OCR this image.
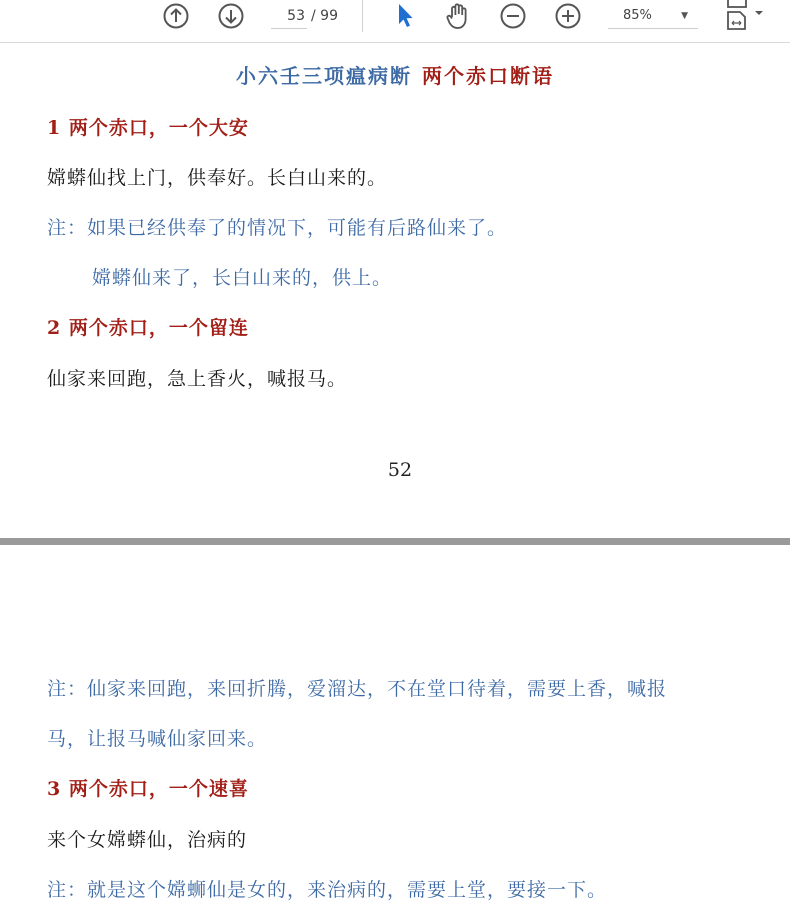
53 / 99	85%	▼
小六壬三项瘟病断 两个赤口断语
1 两个赤口，一个大安
嫦蟒仙找上门，供奉好。长白山来的。
注：如果已经供奉了的情况下，可能有后路仙来了。
嫦蟒仙来了，长白山来的，供上。
2 两个赤口，一个留连
仙家来回跑，急上香火，喊报马。
52
注：仙家来回跑，来回折腾，爱溜达，不在堂口待着，需要上香，喊报
马，让报马喊仙家回来。
3 两个赤口，一个速喜
来个女嫦蟒仙，治病的
注：就是这个嫦蛳仙是女的，来治病的，需要上堂，要接一下。
